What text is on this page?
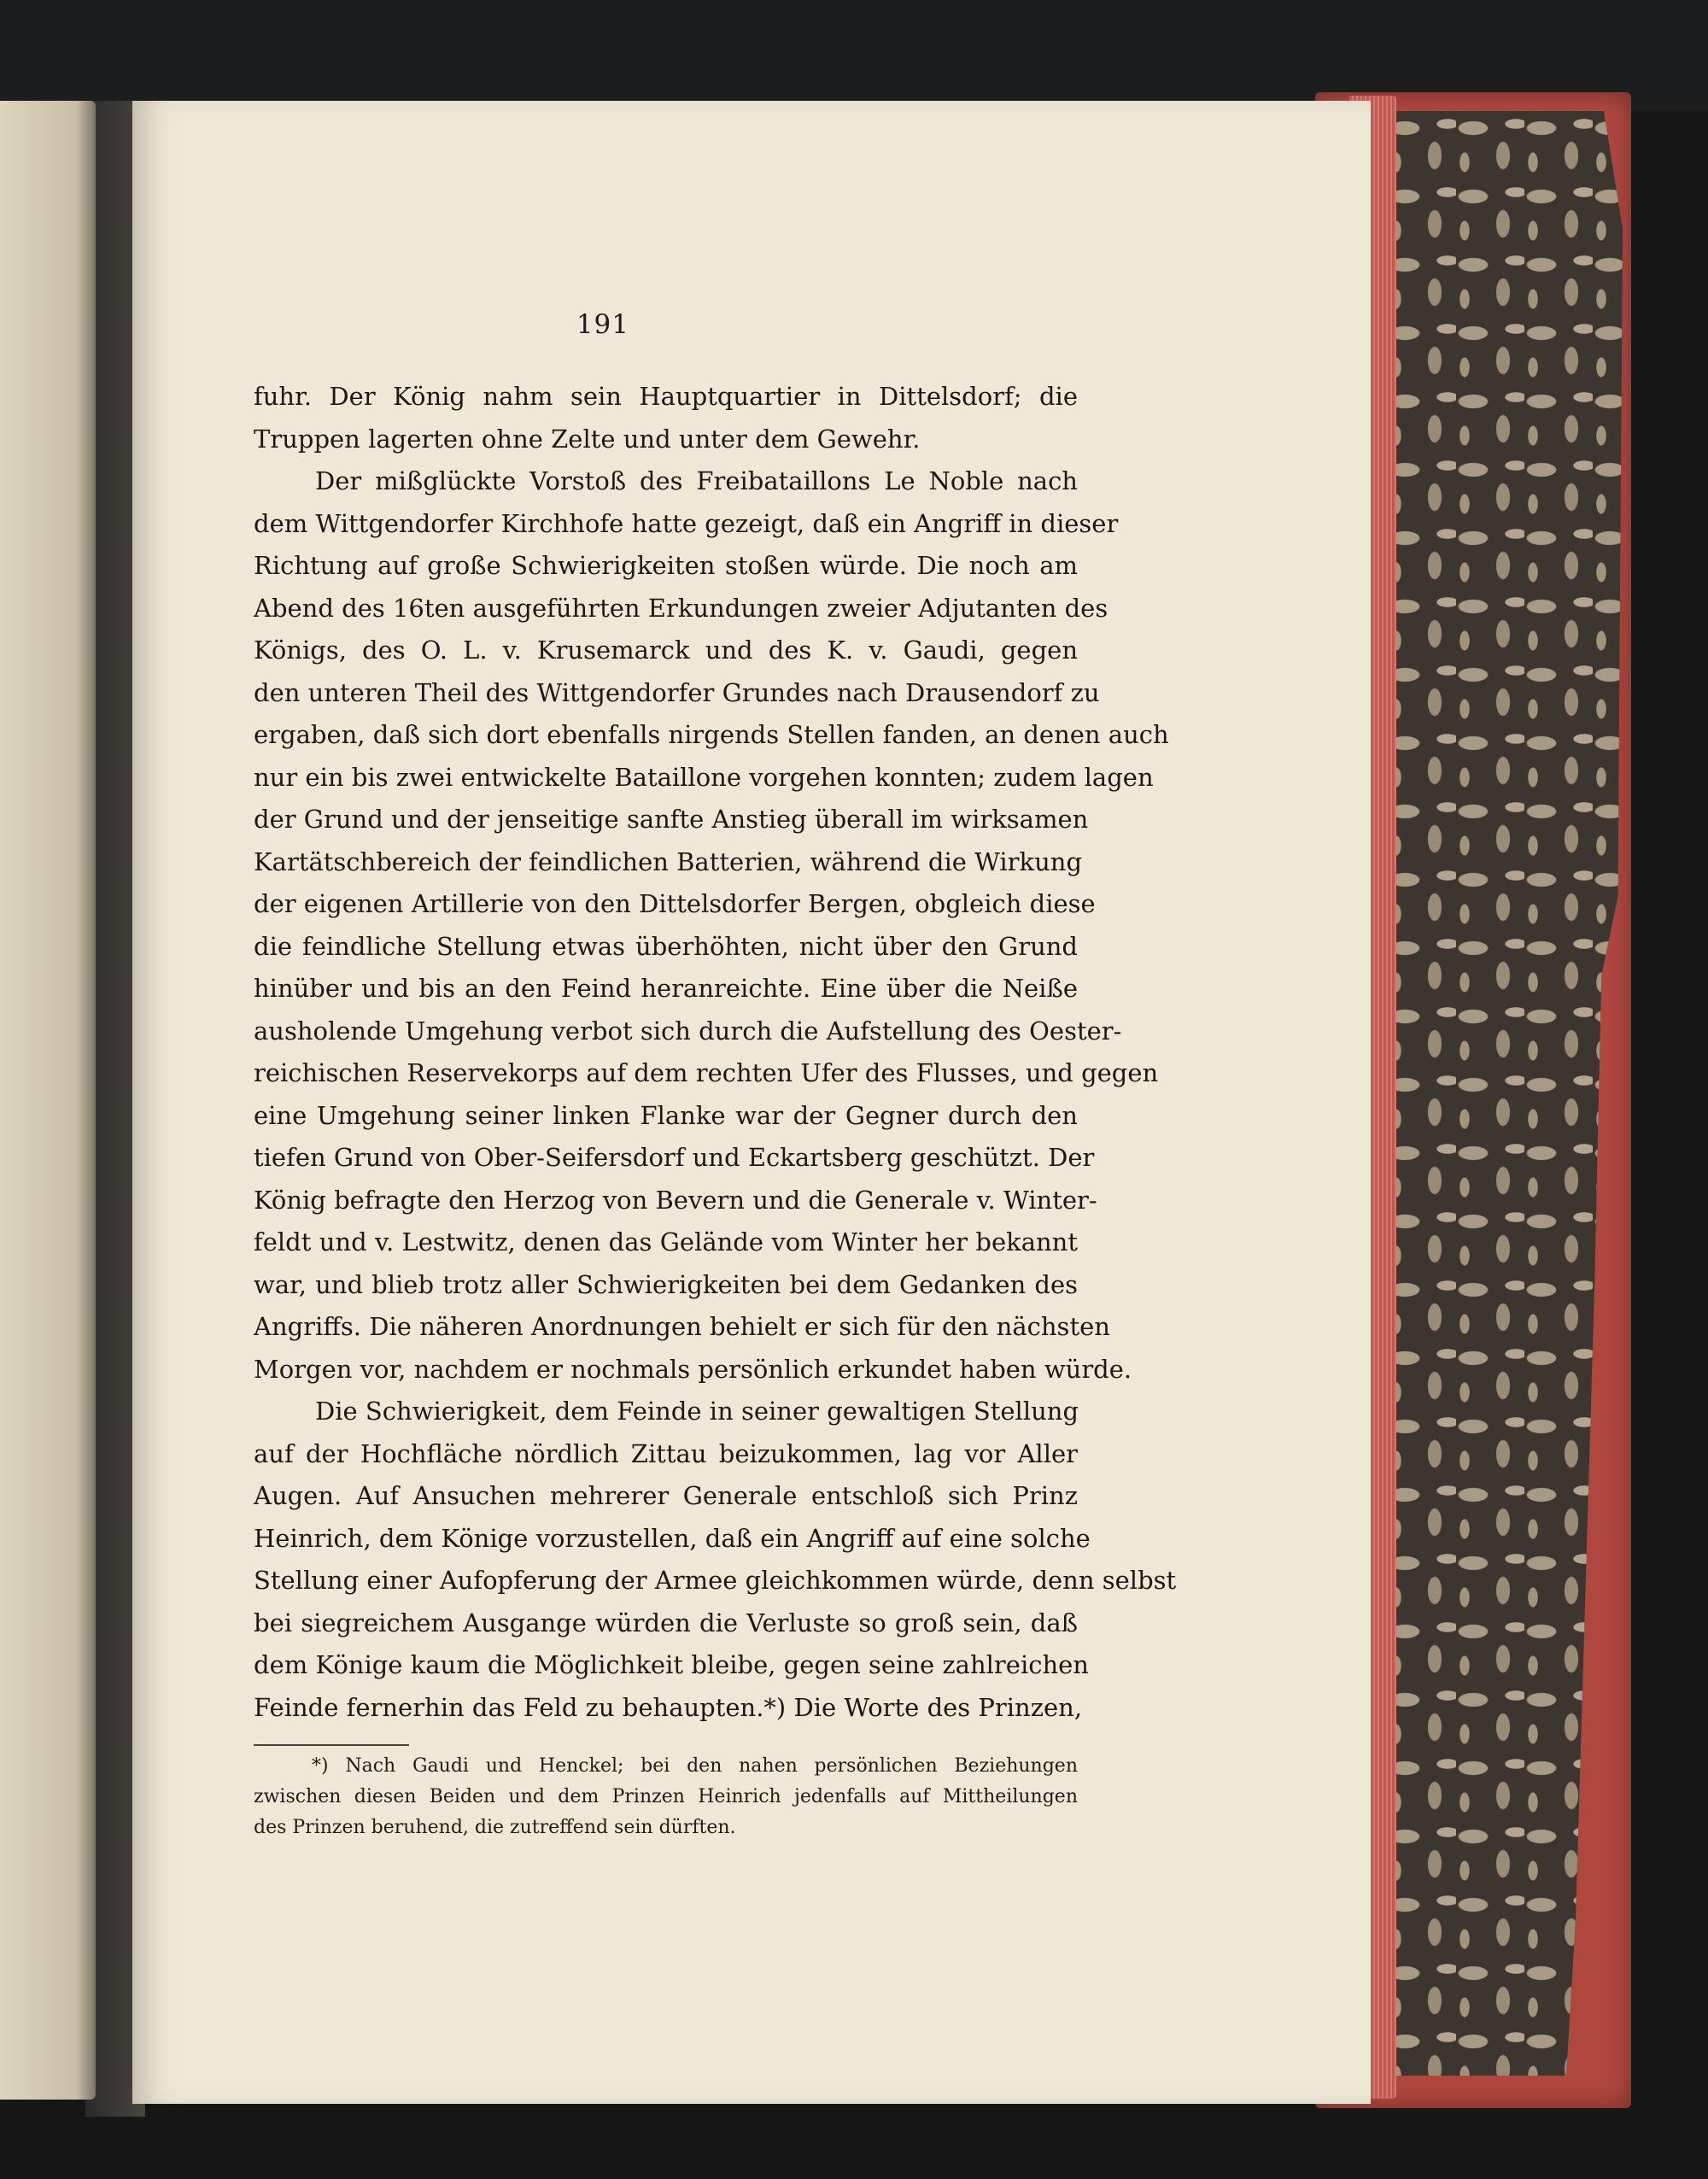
191
fuhr. Der König nahm sein Hauptquartier in Dittelsdorf; die
Truppen lagerten ohne Zelte und unter dem Gewehr.
Der mißglückte Vorstoß des Freibataillons Le Noble nach
dem Wittgendorfer Kirchhofe hatte gezeigt, daß ein Angriff in dieser
Richtung auf große Schwierigkeiten stoßen würde. Die noch am
Abend des 16ten ausgeführten Erkundungen zweier Adjutanten des
Königs, des O. L. v. Krusemarck und des K. v. Gaudi, gegen
den unteren Theil des Wittgendorfer Grundes nach Drausendorf zu
ergaben, daß sich dort ebenfalls nirgends Stellen fanden, an denen auch
nur ein bis zwei entwickelte Bataillone vorgehen konnten; zudem lagen
der Grund und der jenseitige sanfte Anstieg überall im wirksamen
Kartätschbereich der feindlichen Batterien, während die Wirkung
der eigenen Artillerie von den Dittelsdorfer Bergen, obgleich diese
die feindliche Stellung etwas überhöhten, nicht über den Grund
hinüber und bis an den Feind heranreichte. Eine über die Neiße
ausholende Umgehung verbot sich durch die Aufstellung des Oester-
reichischen Reservekorps auf dem rechten Ufer des Flusses, und gegen
eine Umgehung seiner linken Flanke war der Gegner durch den
tiefen Grund von Ober-Seifersdorf und Eckartsberg geschützt. Der
König befragte den Herzog von Bevern und die Generale v. Winter-
feldt und v. Lestwitz, denen das Gelände vom Winter her bekannt
war, und blieb trotz aller Schwierigkeiten bei dem Gedanken des
Angriffs. Die näheren Anordnungen behielt er sich für den nächsten
Morgen vor, nachdem er nochmals persönlich erkundet haben würde.
Die Schwierigkeit, dem Feinde in seiner gewaltigen Stellung
auf der Hochfläche nördlich Zittau beizukommen, lag vor Aller
Augen. Auf Ansuchen mehrerer Generale entschloß sich Prinz
Heinrich, dem Könige vorzustellen, daß ein Angriff auf eine solche
Stellung einer Aufopferung der Armee gleichkommen würde, denn selbst
bei siegreichem Ausgange würden die Verluste so groß sein, daß
dem Könige kaum die Möglichkeit bleibe, gegen seine zahlreichen
Feinde fernerhin das Feld zu behaupten.*) Die Worte des Prinzen,
*) Nach Gaudi und Henckel; bei den nahen persönlichen Beziehungen
zwischen diesen Beiden und dem Prinzen Heinrich jedenfalls auf Mittheilungen
des Prinzen beruhend, die zutreffend sein dürften.
